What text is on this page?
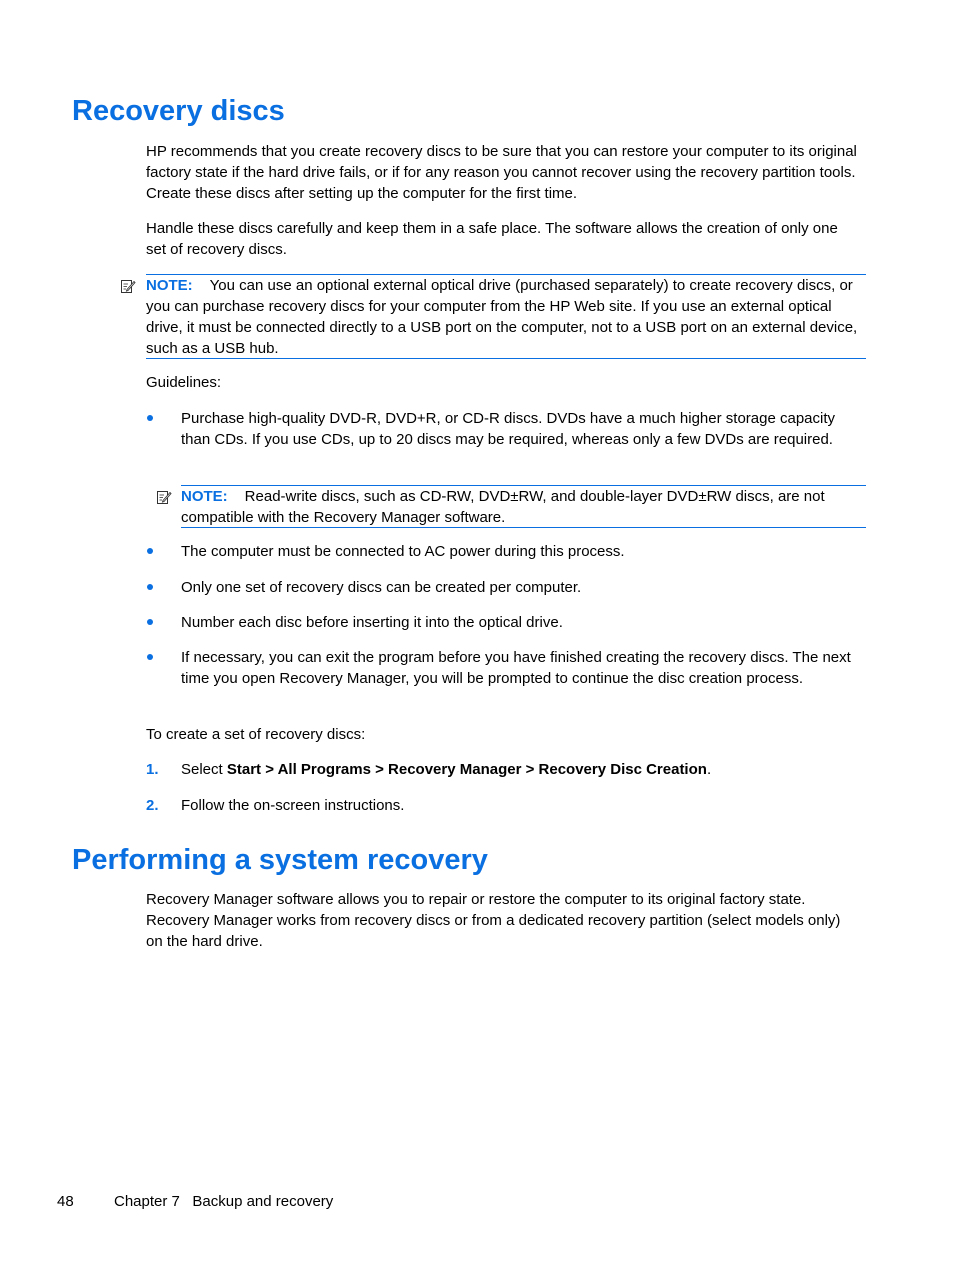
Recovery discs

HP recommends that you create recovery discs to be sure that you can restore your computer to its original factory state if the hard drive fails, or if for any reason you cannot recover using the recovery partition tools. Create these discs after setting up the computer for the first time.

Handle these discs carefully and keep them in a safe place. The software allows the creation of only one set of recovery discs.

NOTE: You can use an optional external optical drive (purchased separately) to create recovery discs, or you can purchase recovery discs for your computer from the HP Web site. If you use an external optical drive, it must be connected directly to a USB port on the computer, not to a USB port on an external device, such as a USB hub.

Guidelines:

Purchase high-quality DVD-R, DVD+R, or CD-R discs. DVDs have a much higher storage capacity than CDs. If you use CDs, up to 20 discs may be required, whereas only a few DVDs are required.

NOTE: Read-write discs, such as CD-RW, DVD±RW, and double-layer DVD±RW discs, are not compatible with the Recovery Manager software.

The computer must be connected to AC power during this process.

Only one set of recovery discs can be created per computer.

Number each disc before inserting it into the optical drive.

If necessary, you can exit the program before you have finished creating the recovery discs. The next time you open Recovery Manager, you will be prompted to continue the disc creation process.

To create a set of recovery discs:

1. Select Start > All Programs > Recovery Manager > Recovery Disc Creation.

2. Follow the on-screen instructions.

Performing a system recovery

Recovery Manager software allows you to repair or restore the computer to its original factory state. Recovery Manager works from recovery discs or from a dedicated recovery partition (select models only) on the hard drive.

48	Chapter 7   Backup and recovery
